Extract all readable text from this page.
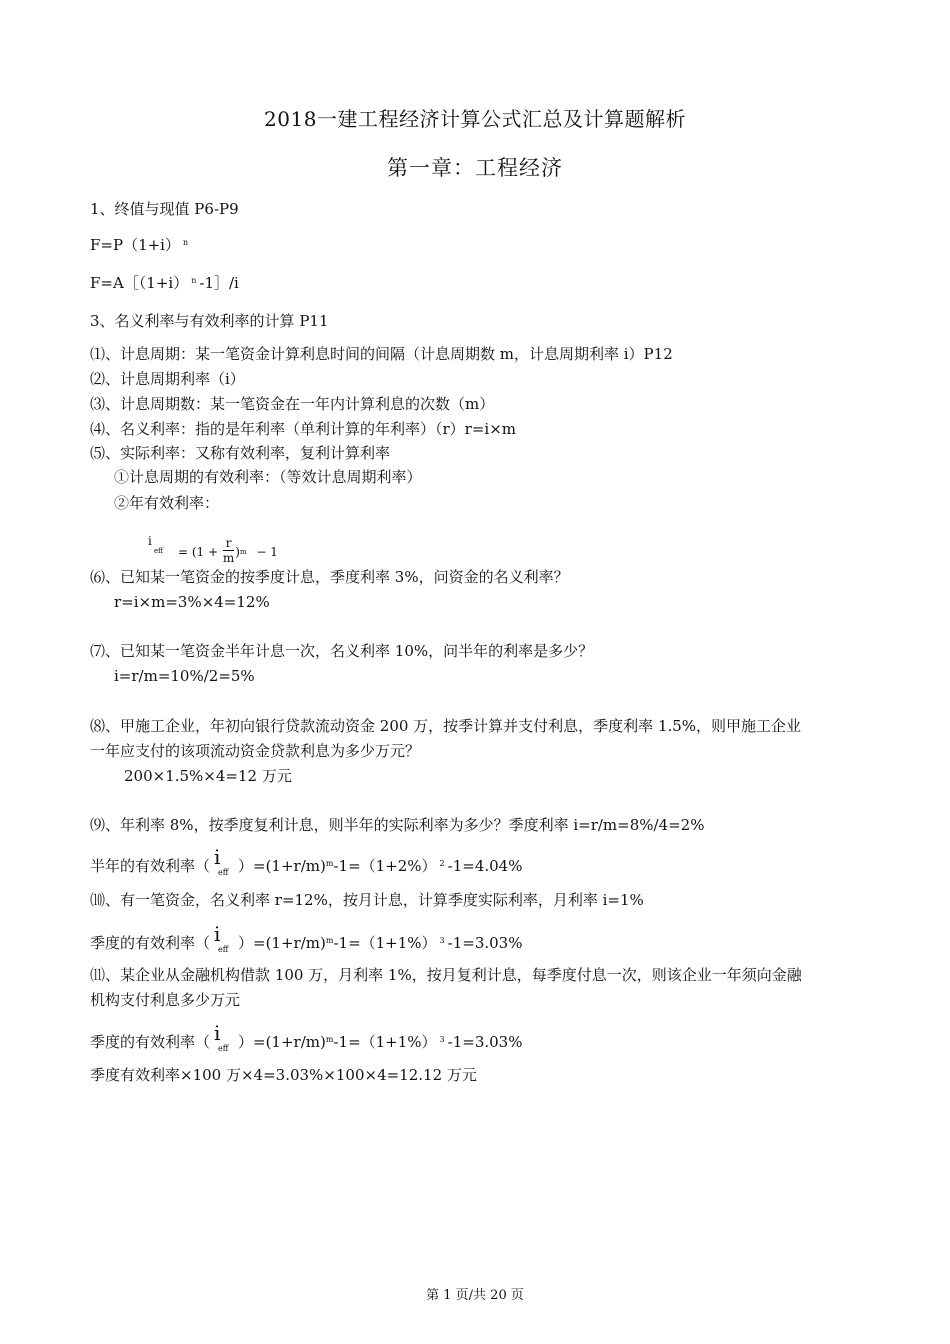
2018一建工程经济计算公式汇总及计算题解析
第一章：工程经济
1、终值与现值 P6-P9
F=P（1+i） $^n$
F=A［（1+i） $^n$ -1］/i
3、名义利率与有效利率的计算 P11
⑴、计息周期：某一笔资金计算利息时间的间隔（计息周期数 m，计息周期利率 i）P12
⑵、计息周期利率（i）
⑶、计息周期数：某一笔资金在一年内计算利息的次数（m）
⑷、名义利率：指的是年利率（单利计算的年利率）（r）r=i×m
⑸、实际利率：又称有效利率，复利计算利率
①计息周期的有效利率：（等效计息周期利率）
②年有效利率：
i
eff = $(1 + \frac{r}{m} )^m - 1$
⑹、已知某一笔资金的按季度计息，季度利率 3%，问资金的名义利率？
r=i×m=3%×4=12%
⑺、已知某一笔资金半年计息一次，名义利率 10%，问半年的利率是多少？
i=r/m=10%/2=5%
⑻、甲施工企业，年初向银行贷款流动资金 200 万，按季计算并支付利息，季度利率 1.5%，则甲施工企业
一年应支付的该项流动资金贷款利息为多少万元？
200×1.5%×4=12 万元
⑼、年利率 8%，按季度复利计息，则半年的实际利率为多少？季度利率 i=r/m=8%/4=2%
半年的有效利率（ i
eff ）$=(1+r/m)^m-1=(1+2\%)$ $^2$ -1=4.04%
⑽、有一笔资金，名义利率 r=12%，按月计息，计算季度实际利率，月利率 i=1%
季度的有效利率（ i
eff ）$=(1+r/m)^m-1=(1+1\%)$ $^3$ -1=3.03%
⑾、某企业从金融机构借款 100 万，月利率 1%，按月复利计息，每季度付息一次，则该企业一年须向金融
机构支付利息多少万元
季度的有效利率（ i
eff ）$=(1+r/m)^m-1=(1+1\%)$ $^3$ -1=3.03%
季度有效利率×100 万×4=3.03%×100×4=12.12 万元
第 1 页/共 20 页
